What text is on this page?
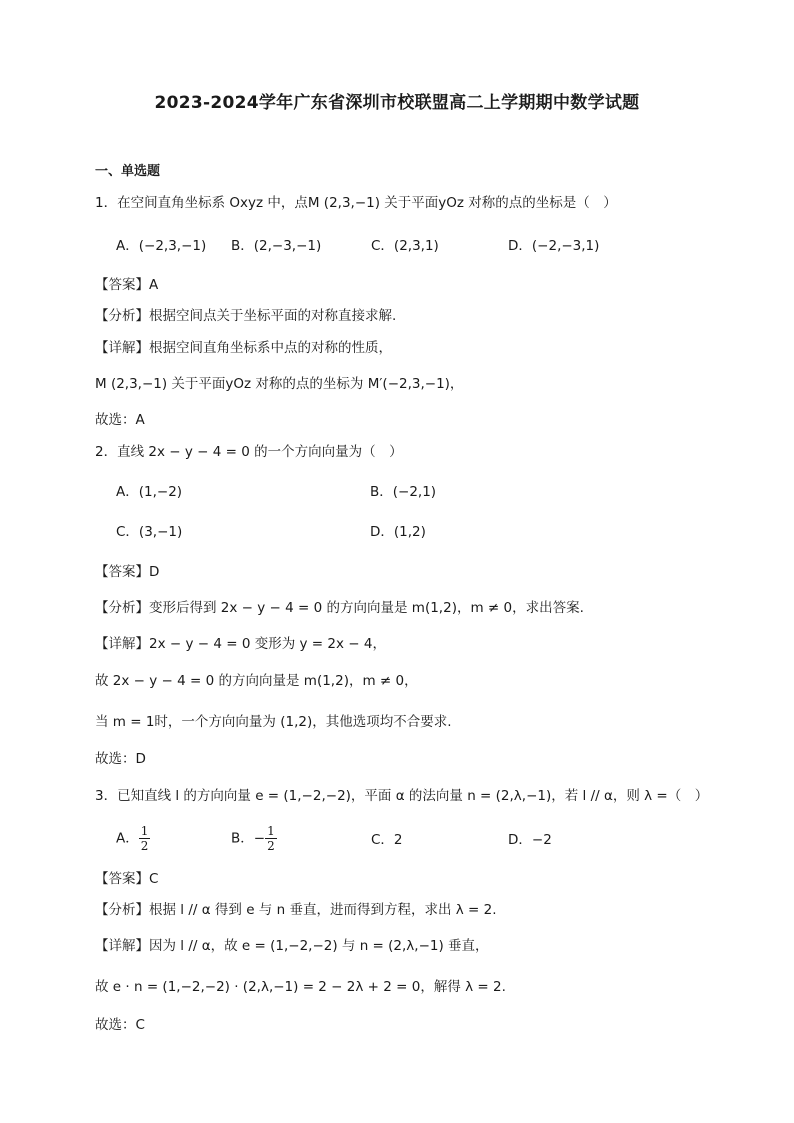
2023-2024学年广东省深圳市校联盟高二上学期期中数学试题
一、单选题
1．在空间直角坐标系 Oxyz 中，点M (2,3,−1) 关于平面yOz 对称的点的坐标是（　）
A．(−2,3,−1) B．(2,−3,−1)	C．(2,3,1)	D．(−2,−3,1)
【答案】A
【分析】根据空间点关于坐标平面的对称直接求解.
【详解】根据空间直角坐标系中点的对称的性质，
M (2,3,−1) 关于平面yOz 对称的点的坐标为 M′(−2,3,−1)，
故选：A
2．直线 2x − y − 4 = 0 的一个方向向量为（　）
A．(1,−2)	B．(−2,1)
C．(3,−1)	D．(1,2)
【答案】D
【分析】变形后得到 2x − y − 4 = 0 的方向向量是 m(1,2)，m ≠ 0，求出答案.
【详解】2x − y − 4 = 0 变形为 y = 2x − 4，
故 2x − y − 4 = 0 的方向向量是 m(1,2)，m ≠ 0，
当 m = 1时，一个方向向量为 (1,2)，其他选项均不合要求.
故选：D
3．已知直线 l 的方向向量 e = (1,−2,−2)，平面 α 的法向量 n = (2,λ,−1)，若 l // α，则 λ =（　）
A． $\frac{1}{2}$	B．− $\frac{1}{2}$	C．2	D．−2
【答案】C
【分析】根据 l // α 得到 e 与 n 垂直，进而得到方程，求出 λ = 2.
【详解】因为 l // α，故 e = (1,−2,−2) 与 n = (2,λ,−1) 垂直，
故 e · n = (1,−2,−2) · (2,λ,−1) = 2 − 2λ + 2 = 0，解得 λ = 2.
故选：C
